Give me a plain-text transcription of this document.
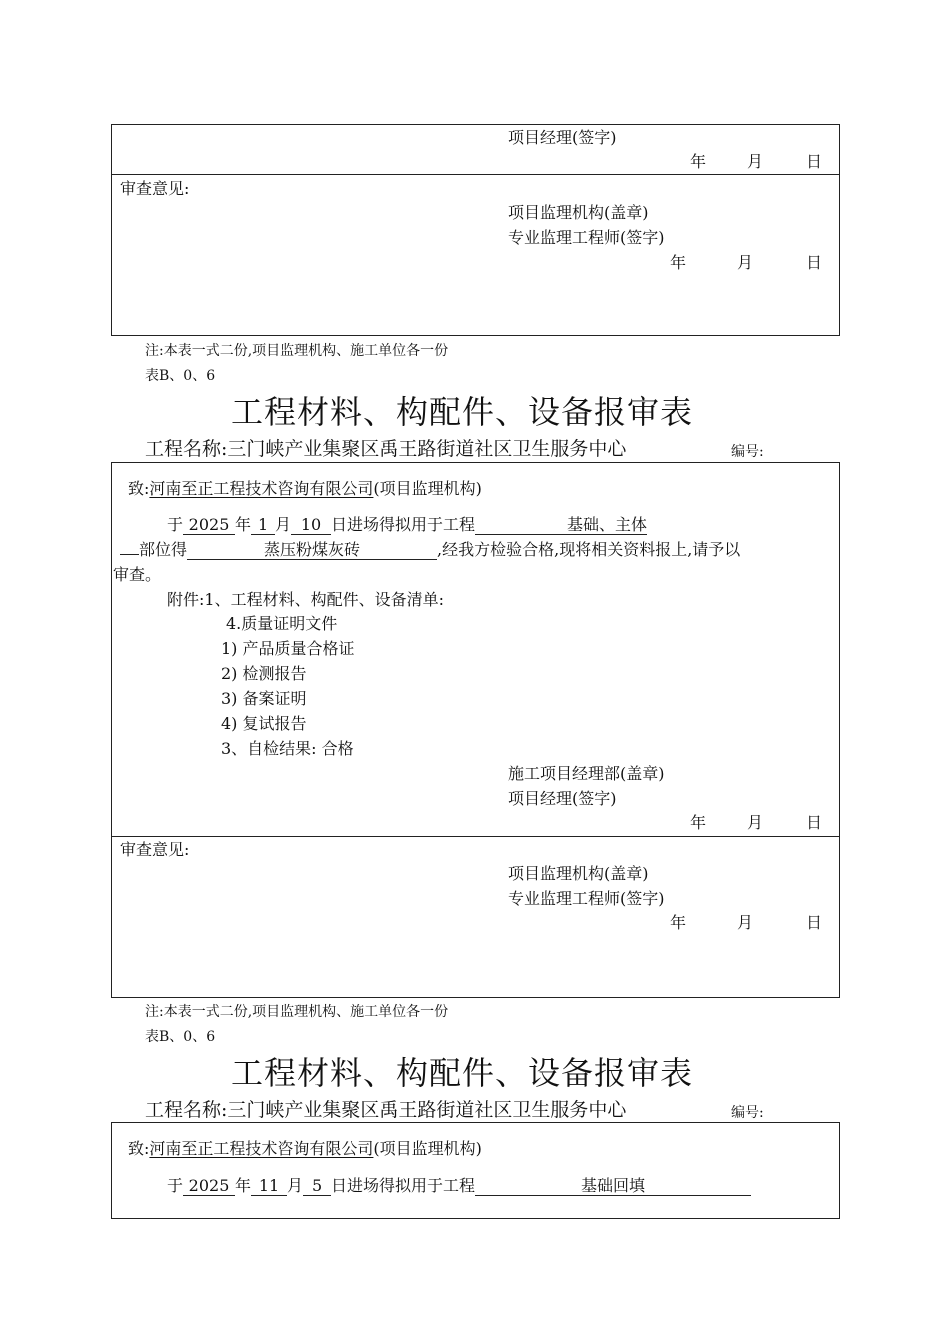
项目经理(签字)
年	月	日
审查意见:
项目监理机构(盖章)
专业监理工程师(签字)
年	月	日
注:本表一式二份,项目监理机构、施工单位各一份
表B、0、6
工程材料、构配件、设备报审表
工程名称:三门峡产业集聚区禹王路街道社区卫生服务中心	编号:
致:河南至正工程技术咨询有限公司(项目监理机构)
于 2025 年 1 月 10 日进场得拟用于工程	基础、主体
部位得	蒸压粉煤灰砖	,经我方检验合格,现将相关资料报上,请予以
审查。
附件:1、工程材料、构配件、设备清单:
4.质量证明文件
1) 产品质量合格证
2) 检测报告
3) 备案证明
4) 复试报告
3、自检结果: 合格
施工项目经理部(盖章)
项目经理(签字)
年	月	日
审查意见:
项目监理机构(盖章)
专业监理工程师(签字)
年	月	日
注:本表一式二份,项目监理机构、施工单位各一份
表B、0、6
工程材料、构配件、设备报审表
工程名称:三门峡产业集聚区禹王路街道社区卫生服务中心	编号:
致:河南至正工程技术咨询有限公司(项目监理机构)
于 2025 年 11 月 5 日进场得拟用于工程	基础回填
